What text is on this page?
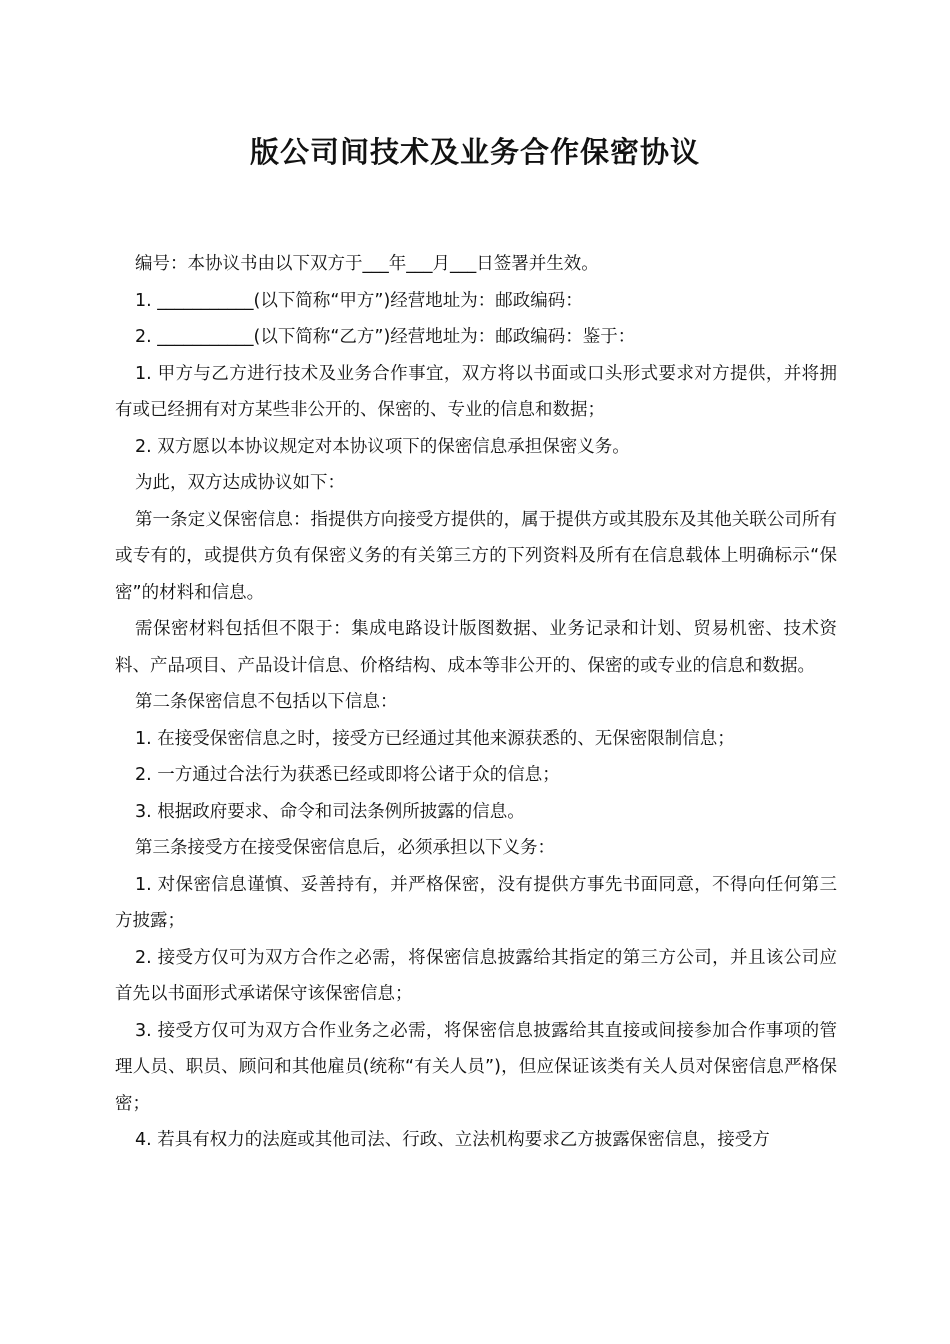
版公司间技术及业务合作保密协议

编号：本协议书由以下双方于___年___月___日签署并生效。

1. ___________(以下简称“甲方”)经营地址为：邮政编码：

2. ___________(以下简称“乙方”)经营地址为：邮政编码：鉴于：

1. 甲方与乙方进行技术及业务合作事宜，双方将以书面或口头形式要求对方提供，并将拥有或已经拥有对方某些非公开的、保密的、专业的信息和数据；

2. 双方愿以本协议规定对本协议项下的保密信息承担保密义务。

为此，双方达成协议如下：

第一条定义保密信息：指提供方向接受方提供的，属于提供方或其股东及其他关联公司所有或专有的，或提供方负有保密义务的有关第三方的下列资料及所有在信息载体上明确标示“保密”的材料和信息。

需保密材料包括但不限于：集成电路设计版图数据、业务记录和计划、贸易机密、技术资料、产品项目、产品设计信息、价格结构、成本等非公开的、保密的或专业的信息和数据。

第二条保密信息不包括以下信息：

1. 在接受保密信息之时，接受方已经通过其他来源获悉的、无保密限制信息；

2. 一方通过合法行为获悉已经或即将公诸于众的信息；

3. 根据政府要求、命令和司法条例所披露的信息。

第三条接受方在接受保密信息后，必须承担以下义务：

1. 对保密信息谨慎、妥善持有，并严格保密，没有提供方事先书面同意，不得向任何第三方披露；

2. 接受方仅可为双方合作之必需，将保密信息披露给其指定的第三方公司，并且该公司应首先以书面形式承诺保守该保密信息；

3. 接受方仅可为双方合作业务之必需，将保密信息披露给其直接或间接参加合作事项的管理人员、职员、顾问和其他雇员(统称“有关人员”)，但应保证该类有关人员对保密信息严格保密；

4. 若具有权力的法庭或其他司法、行政、立法机构要求乙方披露保密信息，接受方
